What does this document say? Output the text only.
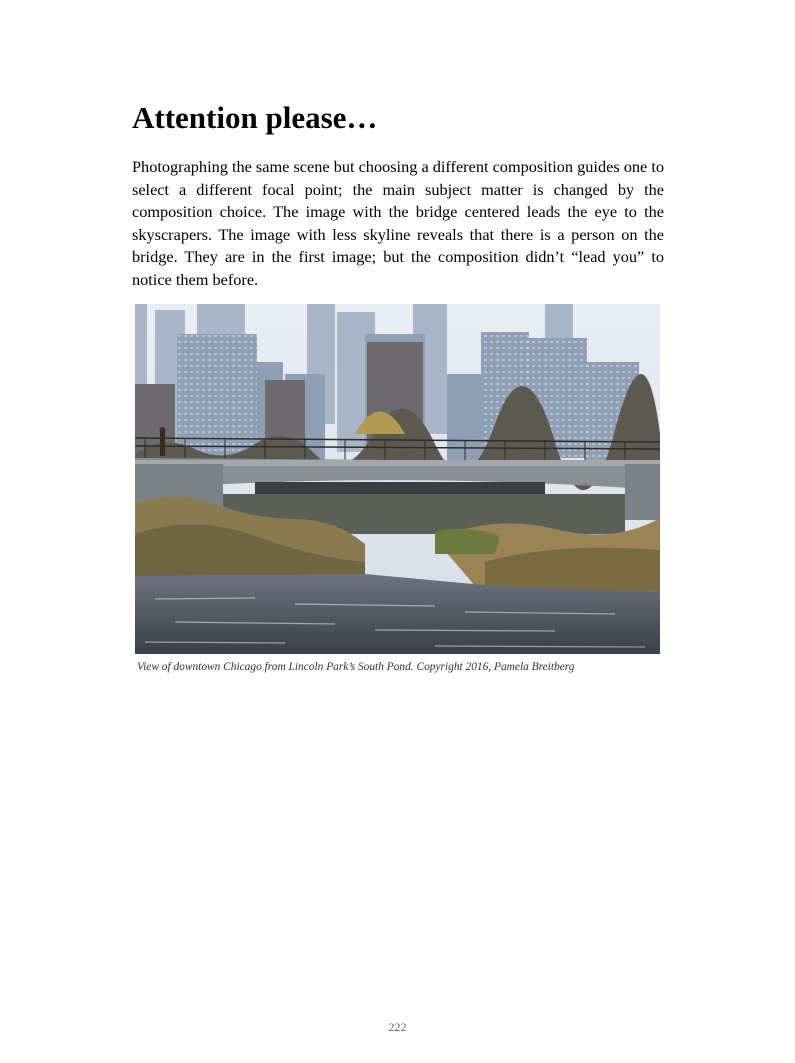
Attention please…

Photographing the same scene but choosing a different composition guides one to select a different focal point; the main subject matter is changed by the composition choice. The image with the bridge centered leads the eye to the skyscrapers. The image with less skyline reveals that there is a person on the bridge. They are in the first image; but the composition didn’t “lead you” to notice them before.

View of downtown Chicago from Lincoln Park’s South Pond. Copyright 2016, Pamela Breitberg

222
